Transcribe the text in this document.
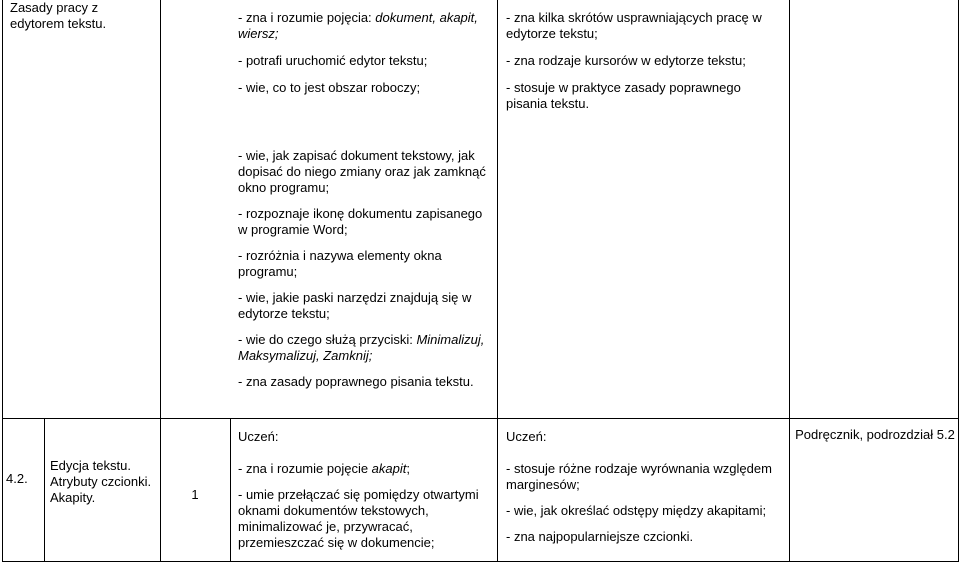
Zasady pracy z edytorem tekstu.	- zna i rozumie pojęcia: dokument, akapit, wiersz;

- potrafi uruchomić edytor tekstu;

- wie, co to jest obszar roboczy;

- wie, jak zapisać dokument tekstowy, jak dopisać do niego zmiany oraz jak zamknąć okno programu;

- rozpoznaje ikonę dokumentu zapisanego w programie Word;

- rozróżnia i nazywa elementy okna programu;

- wie, jakie paski narzędzi znajdują się w edytorze tekstu;

- wie do czego służą przyciski: Minimalizuj, Maksymalizuj, Zamknij;

- zna zasady poprawnego pisania tekstu.

- zna kilka skrótów usprawniających pracę w edytorze tekstu;

- zna rodzaje kursorów w edytorze tekstu;

- stosuje w praktyce zasady poprawnego pisania tekstu.

4.2.
Edycja tekstu. Atrybuty czcionki. Akapity.	1

Uczeń:

- zna i rozumie pojęcie akapit;

- umie przełączać się pomiędzy otwartymi oknami dokumentów tekstowych, minimalizować je, przywracać, przemieszczać się w dokumencie;

Uczeń:

- stosuje różne rodzaje wyrównania względem marginesów;

- wie, jak określać odstępy między akapitami;

- zna najpopularniejsze czcionki.

Podręcznik, podrozdział 5.2
